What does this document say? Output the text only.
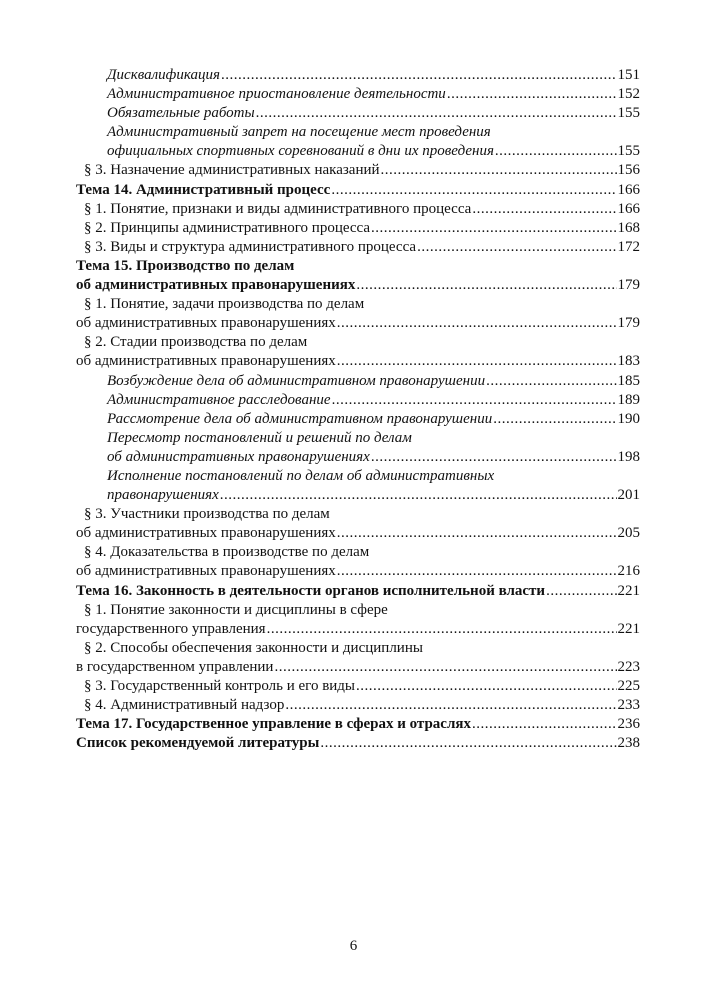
Дисквалификация .....	151
Административное приостановление деятельности .....	152
Обязательные работы .....	155
Административный запрет на посещение мест проведения
официальных спортивных соревнований в дни их проведения .....	155
§ 3. Назначение административных наказаний .....	156
Тема 14. Административный процесс .....	166
§ 1. Понятие, признаки и виды административного процесса .....	166
§ 2. Принципы административного процесса .....	168
§ 3. Виды и структура административного процесса .....	172
Тема 15. Производство по делам
об административных правонарушениях .....	179
§ 1. Понятие, задачи производства по делам
об административных правонарушениях .....	179
§ 2. Стадии производства по делам
об административных правонарушениях .....	183
Возбуждение дела об административном правонарушении .....	185
Административное расследование .....	189
Рассмотрение дела об административном правонарушении .....	190
Пересмотр постановлений и решений по делам
об административных правонарушениях .....	198
Исполнение постановлений по делам об административных
правонарушениях .....	201
§ 3. Участники производства по делам
об административных правонарушениях .....	205
§ 4. Доказательства в производстве по делам
об административных правонарушениях .....	216
Тема 16. Законность в деятельности органов исполнительной власти .....	221
§ 1. Понятие законности и дисциплины в сфере
государственного управления .....	221
§ 2. Способы обеспечения законности и дисциплины
в государственном управлении .....	223
§ 3. Государственный контроль и его виды .....	225
§ 4. Административный надзор .....	233
Тема 17. Государственное управление в сферах и отраслях .....	236
Список рекомендуемой литературы .....	238
6
